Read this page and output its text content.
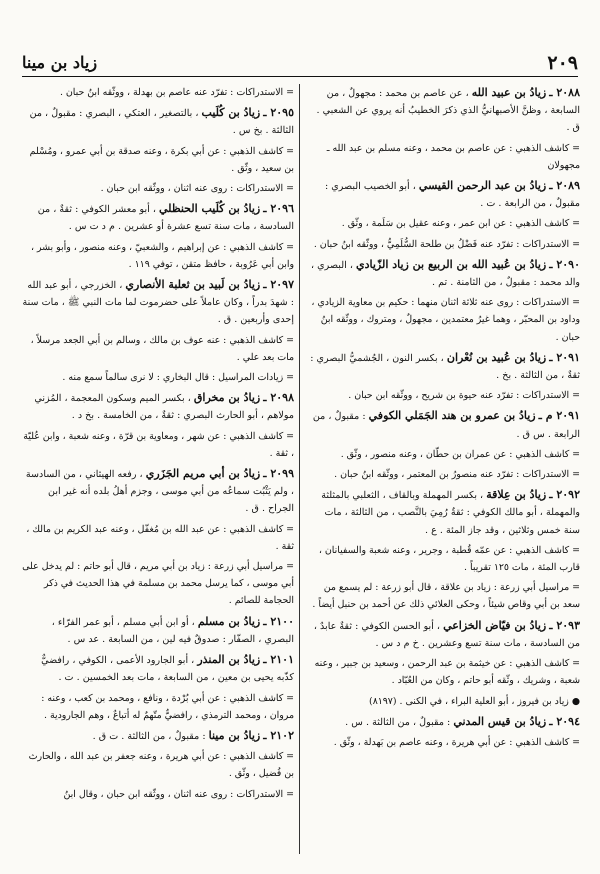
٢٠٩
زياد بن مينا

٢٠٨٨ ـ زيادُ بن عبيد الله ، عن عاصم بن محمد : مجهولٌ ، من السابعة ، وظنَّ الأصبهانيُّ الذي ذكرَ الخطيبُ أنه يروي عن الشعبي . ق .

= كاشف الذهبي : عن عاصم بن محمد ، وعنه مسلم بن عبد الله ـ مجهولان

٢٠٨٩ ـ زيادُ بن عبد الرحمن القيسي ، أبو الخصيب البصري : مقبولٌ ، من الرابعة . ت .

= كاشف الذهبي : عن ابن عمر ، وعنه عقيل بن سَلَمة ، وثّق .

= الاستدراكات : تفرّد عنه فَضْلُ بن طلحة السُّلَمِيُّ ، ووثّقه ابنُ حبان .

٢٠٩٠ ـ زيادُ بن عُبيد الله بن الربيع بن زياد الزّيادي ، البصري ، والد محمد : مقبولٌ ، من الثامنة . تم .

= الاستدراكات : روى عنه ثلاثة اثنان منهما : حكيم بن معاوية الزيادي ، وداود بن المحبّر ، وهما غيرُ معتمدين ، مجهولٌ ، ومتروك ، ووثّقه ابنُ حبان .

٢٠٩١ ـ زيادُ بن عُبيد بن نُعْران ، بكسر النون ، الجُشميُّ البصري : ثقةٌ ، من الثالثة . بخ .

= الاستدراكات : تفرّد عنه حيوة بن شريح ، ووثّقه ابن حبان .

٢٠٩١ م ـ زيادُ بن عمرو بن هند الجَمَلي الكوفي : مقبولٌ ، من الرابعة . س ق .

= كاشف الذهبي : عن عمران بن حطّان ، وعنه منصور ، وثّق .

= الاستدراكات : تفرّد عنه منصورُ بن المعتمر ، ووثّقه ابنُ حبان .

٢٠٩٢ ـ زيادُ بن عِلاقة ، بكسر المهملة وبالقاف ، الثعلبي بالمثلثة والمهملة ، أبو مالك الكوفي : ثقةٌ رُمِيَ بالنَّصب ، من الثالثة ، مات سنة خمس وثلاثين ، وقد جاز المئة . ع .

= كاشف الذهبي : عن عمّه قُطبة ، وجرير ، وعنه شعبة والسفيانان ، قارب المئة ، مات ١٢٥ تقريباً .

= مراسيل أبي زرعة : زياد بن علاقة ، قال أبو زرعة : لم يسمع من سعد بن أبي وقاص شيئاً ، وحكى العلائي ذلك عن أحمد بن حنبل أيضاً .

٢٠٩٣ ـ زيادُ بن فيّاض الخزاعي ، أبو الحسن الكوفي : ثقةٌ عابدٌ ، من السادسة ، مات سنة تسع وعشرين . خ م د س .

= كاشف الذهبي : عن خيثمة بن عبد الرحمن ، وسعيد بن جبير ، وعنه شعبة ، وشريك ، وثّقه أبو حاتم ، وكان من العُبّاد .

● زياد بن فيروز ، أبو العلية البراء ، في الكنى . (٨١٩٧)

٢٠٩٤ ـ زيادُ بن قيس المدني : مقبولٌ ، من الثالثة . س .

= كاشف الذهبي : عن أبي هريرة ، وعنه عاصم بن بَهدلة ، وثّق .

= الاستدراكات : تفرّد عنه عاصم بن بهدلة ، ووثّقه ابنُ حبان .

٢٠٩٥ ـ زيادُ بن كُلَيب ، بالتصغير ، العتكي ، البصري : مقبولٌ ، من الثالثة . بخ س .

= كاشف الذهبي : عن أبي بكرة ، وعنه صدقة بن أبي عمرو ، ومُسْلم بن سعيد ، وثّق .

= الاستدراكات : روى عنه اثنان ، ووثّقه ابن حبان .

٢٠٩٦ ـ زيادُ بن كُلَيب الحنظلي ، أبو معشر الكوفي : ثقةٌ ، من السادسة ، مات سنة تسع عشرة أو عشرين . م د ت س .

= كاشف الذهبي : عن إبراهيم ، والشعبيّ ، وعنه منصور ، وأبو بشر ، وابن أبي عَرُوبة ، حافظ متقن ، توفي ١١٩ .

٢٠٩٧ ـ زيادُ بن لَبيد بن ثعلبة الأنصاري ، الخزرجي ، أبو عبد الله : شهدَ بدراً ، وكان عاملاً على حضرموت لما مات النبي ﷺ ، مات سنة إحدى وأربعين . ق .

= كاشف الذهبي : عنه عوف بن مالك ، وسالم بن أبي الجعد مرسلاً ، مات بعد علي .

= زيادات المراسيل : قال البخاري : لا نرى سالماً سمع منه .

٢٠٩٨ ـ زيادُ بن مخراق ، بكسر الميم وسكون المعجمة ، المُزني مولاهم ، أبو الحارث البصري : ثقةٌ ، من الخامسة . بخ د .

= كاشف الذهبي : عن شهر ، ومعاوية بن قرّة ، وعنه شعبة ، وابن عُليّة ، ثقة .

٢٠٩٩ ـ زيادُ بن أبي مريم الجَزَري ، رفعه الهيثاني ، من السادسة ، ولم يَثْبُت سماعُه من أبي موسى ، وجزم أهلُ بلده أنه غير ابن الجراح . ق .

= كاشف الذهبي : عن عبد الله بن مُغفّل ، وعنه عبد الكريم بن مالك ، ثقة .

= مراسيل أبي زرعة : زياد بن أبي مريم ، قال أبو حاتم : لم يدخل على أبي موسى ، كما يرسل محمد بن مسلمة في هذا الحديث في ذكر الحجامة للصائم .

٢١٠٠ ـ زيادُ بن مسلم ، أو ابن أبي مسلم ، أبو عمر الفرّاء ، البصري ، الصفّار : صدوقٌ فيه لين ، من السابعة . عد س .

٢١٠١ ـ زيادُ بن المنذر ، أبو الجارود الأعمى ، الكوفي ، رافضيٌّ كذّبه يحيى بن معين ، من السابعة ، مات بعد الخمسين . ت .

= كاشف الذهبي : عن أبي بُرْدة ، ونافع ، ومحمد بن كعب ، وعنه : مروان ، ومحمد الترمذي ، رافضيٌّ متّهمٌ له أتباعٌ ، وهم الجارودية .

٢١٠٢ ـ زيادُ بن مينا : مقبولٌ ، من الثالثة . ت ق .

= كاشف الذهبي : عن أبي هريرة ، وعنه جعفر بن عبد الله ، والحارث بن فُضيل ، وثّق .

= الاستدراكات : روى عنه اثنان ، ووثّقه ابن حبان ، وقال ابنُ
